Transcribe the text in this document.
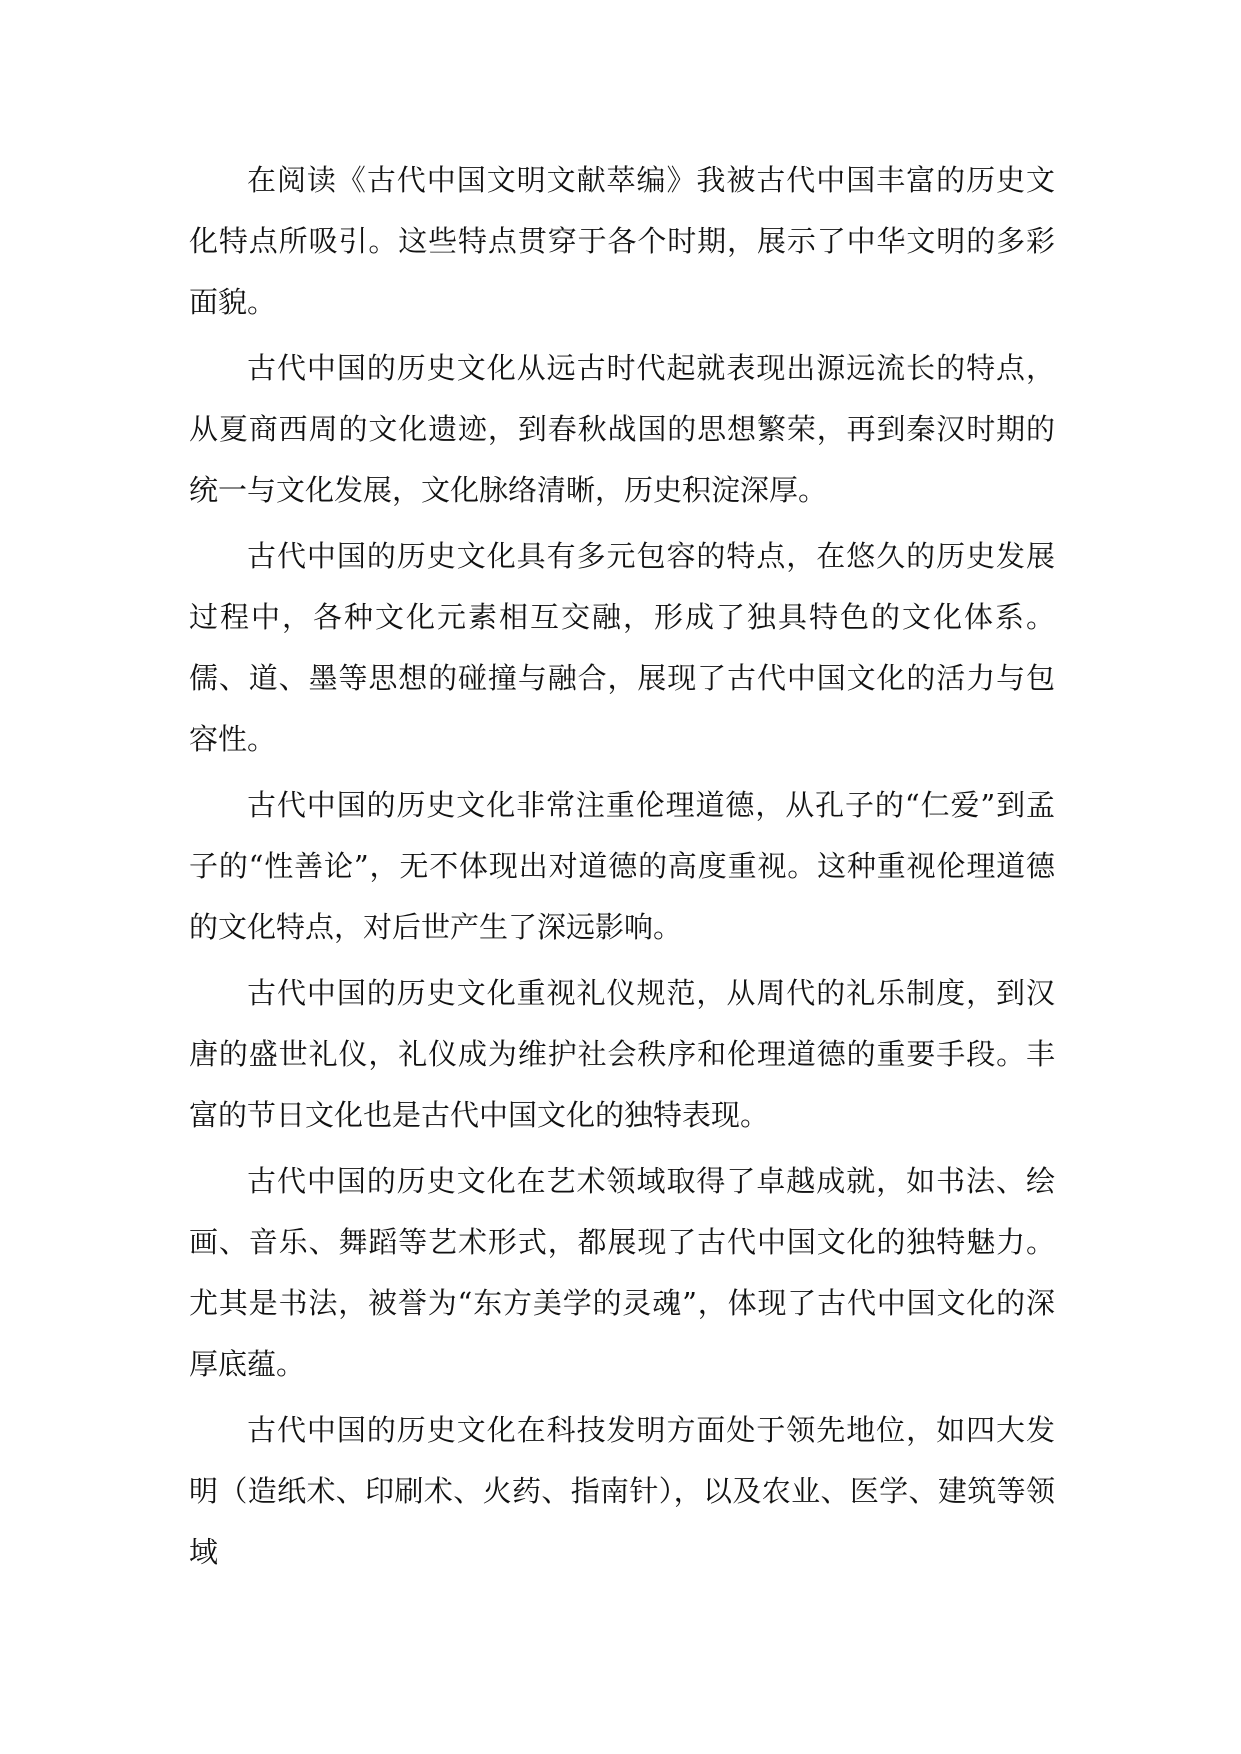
在阅读《古代中国文明文献萃编》我被古代中国丰富的历史文化特点所吸引。这些特点贯穿于各个时期，展示了中华文明的多彩面貌。

古代中国的历史文化从远古时代起就表现出源远流长的特点，从夏商西周的文化遗迹，到春秋战国的思想繁荣，再到秦汉时期的统一与文化发展，文化脉络清晰，历史积淀深厚。

古代中国的历史文化具有多元包容的特点，在悠久的历史发展过程中，各种文化元素相互交融，形成了独具特色的文化体系。儒、道、墨等思想的碰撞与融合，展现了古代中国文化的活力与包容性。

古代中国的历史文化非常注重伦理道德，从孔子的“仁爱”到孟子的“性善论”，无不体现出对道德的高度重视。这种重视伦理道德的文化特点，对后世产生了深远影响。

古代中国的历史文化重视礼仪规范，从周代的礼乐制度，到汉唐的盛世礼仪，礼仪成为维护社会秩序和伦理道德的重要手段。丰富的节日文化也是古代中国文化的独特表现。

古代中国的历史文化在艺术领域取得了卓越成就，如书法、绘画、音乐、舞蹈等艺术形式，都展现了古代中国文化的独特魅力。尤其是书法，被誉为“东方美学的灵魂”，体现了古代中国文化的深厚底蕴。

古代中国的历史文化在科技发明方面处于领先地位，如四大发明（造纸术、印刷术、火药、指南针），以及农业、医学、建筑等领域
